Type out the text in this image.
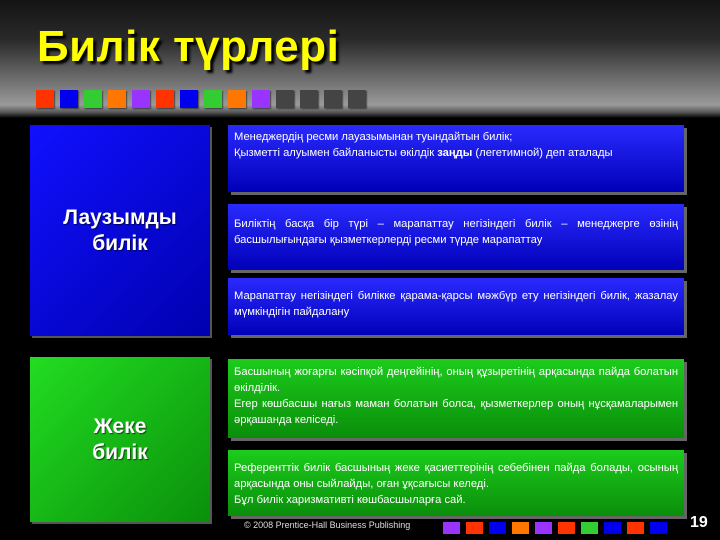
Билік түрлері
Лаузымды
билік
Жеке
билік

Менеджердің ресми лауазымынан туындайтын билік;

Қызметті алуымен байланысты өкілдік заңды (легетимной) деп аталады

Биліктің басқа бір түрі – марапаттау негізіндегі билік – менеджерге өзінің басшылығындағы қызметкерлерді ресми түрде марапаттау

Марапаттау негізіндегі билікке қарама-қарсы мәжбүр ету негізіндегі билік, жазалау мүмкіндігін пайдалану

Басшының жоғарғы кәсіпқой деңгейінің, оның құзыретінің арқасында пайда болатын өкілділік.

Егер көшбасшы нағыз маман болатын болса, қызметкерлер оның нұсқамаларымен әрқашанда келіседі.

Референттік билік басшының жеке қасиеттерінің себебінен пайда болады, осының арқасында оны сыйлайды, оған ұқсағысы келеді.

Бұл билік харизмативті көшбасшыларға сай.

© 2008 Prentice-Hall Business Publishing	19
